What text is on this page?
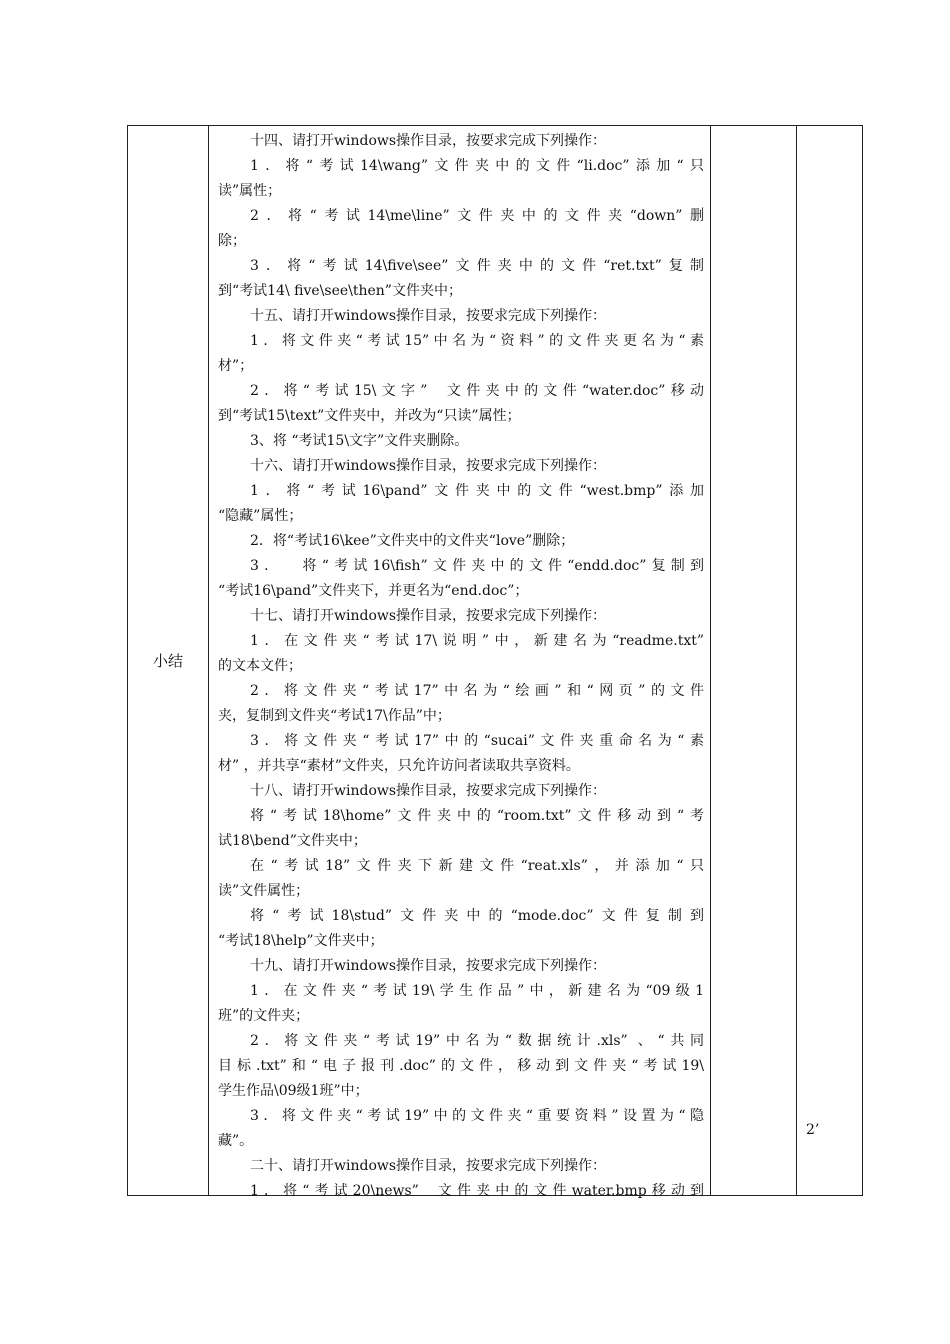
小结
十四、请打开windows操作目录，按要求完成下列操作：
1．将“考试14\wang”文件夹中的文件“li.doc”添加“只
读”属性；
2．将“考试14\me\line”文件夹中的文件夹“down”删
除；
3．将“考试14\five\see”文件夹中的文件“ret.txt”复制
到“考试14\ five\see\then”文件夹中；
十五、请打开windows操作目录，按要求完成下列操作：
1．将文件夹“考试15”中名为“资料”的文件夹更名为“素
材”；
2．将“考试15\文字”  文件夹中的文件“water.doc”移动
到“考试15\text”文件夹中，并改为“只读”属性；
3、将 “考试15\文字”文件夹删除。
十六、请打开windows操作目录，按要求完成下列操作：
1．将“考试16\pand”文件夹中的文件“west.bmp”添加
“隐藏”属性；
2．将“考试16\kee”文件夹中的文件夹“love”删除；
3．  将“考试16\fish”文件夹中的文件“endd.doc”复制到
“考试16\pand”文件夹下，并更名为“end.doc”；
十七、请打开windows操作目录，按要求完成下列操作：
1．在文件夹“考试17\说明”中，新建名为“readme.txt”
的文本文件；
2．将文件夹“考试17”中名为“绘画”和“网页”的文件
夹，复制到文件夹“考试17\作品”中；
3．将文件夹“考试17”中的“sucai”文件夹重命名为“素
材” ，并共享“素材”文件夹，只允许访问者读取共享资料。
十八、请打开windows操作目录，按要求完成下列操作：
将“考试18\home”文件夹中的“room.txt”文件移动到“考
试18\bend”文件夹中；
在“考试18”文件夹下新建文件“reat.xls”，并添加“只
读”文件属性；
将“考试18\stud”文件夹中的“mode.doc”文件复制到
“考试18\help”文件夹中；
十九、请打开windows操作目录，按要求完成下列操作：
1．在文件夹“考试19\学生作品”中，新建名为“09级1
班”的文件夹；
2．将文件夹“考试19”中名为“数据统计.xls” 、“共同
目标.txt”和“电子报刊.doc”的文件，移动到文件夹“考试19\
学生作品\09级1班”中；
3．将文件夹“考试19”中的文件夹“重要资料”设置为“隐
藏”。
二十、请打开windows操作目录，按要求完成下列操作：
1．将“考试20\news”  文件夹中的文件water.bmp移动到
2’
